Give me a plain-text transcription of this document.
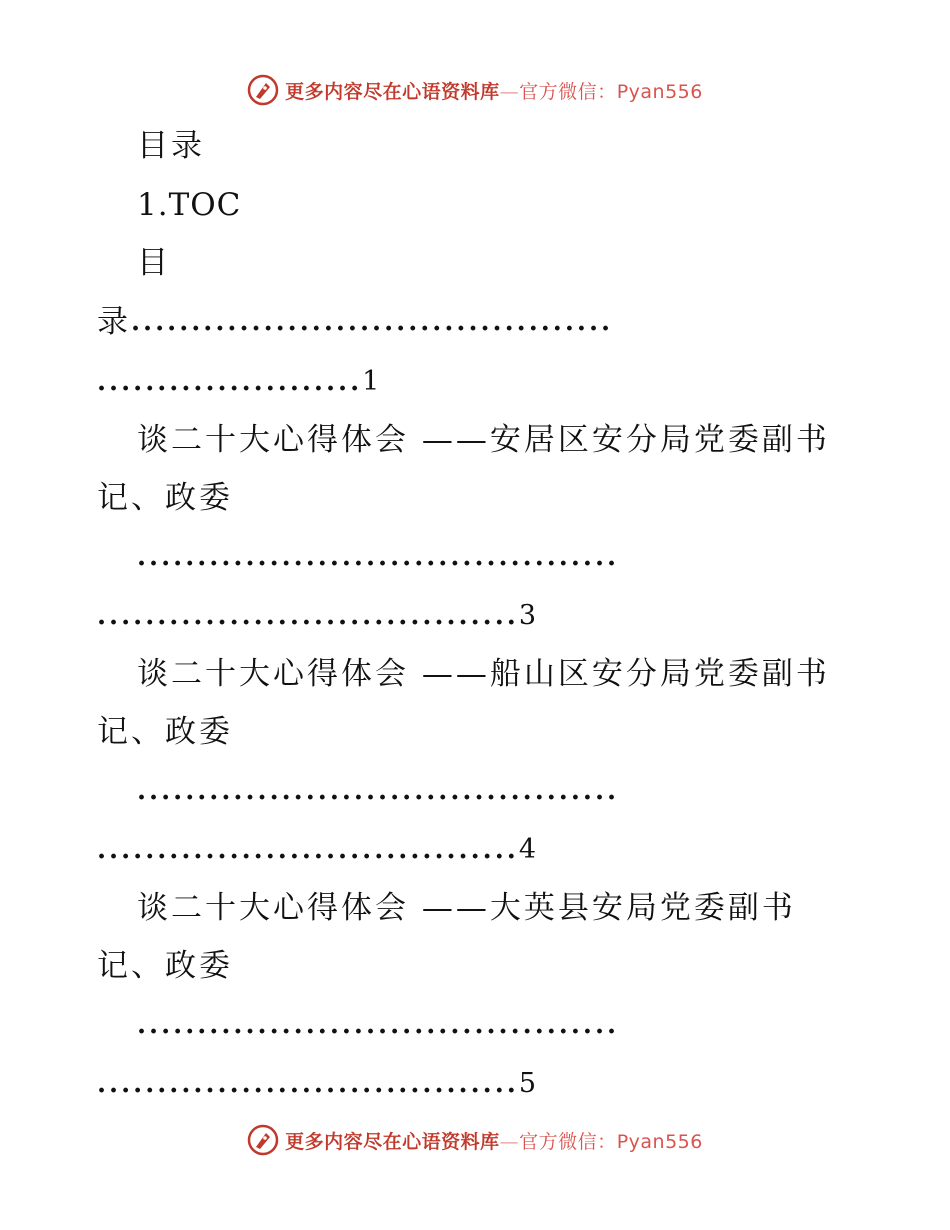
更多内容尽在心语资料库—官方微信：Pyan556
目录
1.TOC
目
录........................................
......................1
谈二十大心得体会 ——安居区安分局党委副书
记、政委
........................................
...................................3
谈二十大心得体会 ——船山区安分局党委副书
记、政委
........................................
...................................4
谈二十大心得体会 ——大英县安局党委副书
记、政委
........................................
...................................5
更多内容尽在心语资料库—官方微信：Pyan556
